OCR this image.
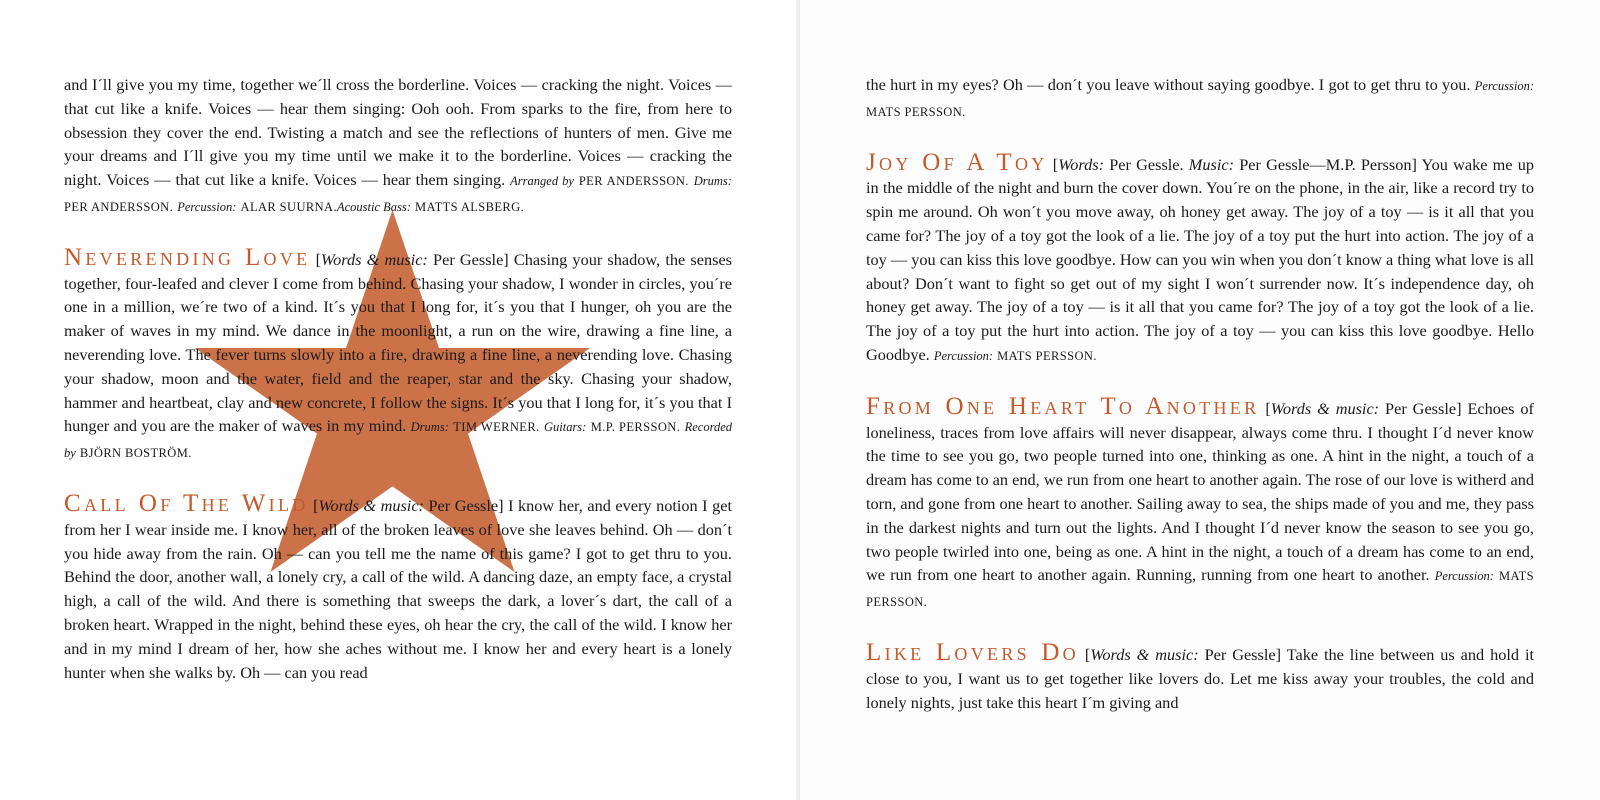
and I´ll give you my time, together we´ll cross the borderline. Voices — cracking the night. Voices — that cut like a knife. Voices — hear them singing: Ooh ooh. From sparks to the fire, from here to obsession they cover the end. Twisting a match and see the reflections of hunters of men. Give me your dreams and I´ll give you my time until we make it to the borderline. Voices — cracking the night. Voices — that cut like a knife. Voices — hear them singing. Arranged by PER ANDERSSON. Drums: PER ANDERSSON. Percussion: ALAR SUURNA.Acoustic Bass: MATTS ALSBERG.

Neverending Love [Words & music: Per Gessle] Chasing your shadow, the senses together, four-leafed and clever I come from behind. Chasing your shadow, I wonder in circles, you´re one in a million, we´re two of a kind. It´s you that I long for, it´s you that I hunger, oh you are the maker of waves in my mind. We dance in the moonlight, a run on the wire, drawing a fine line, a neverending love. The fever turns slowly into a fire, drawing a fine line, a neverending love. Chasing your shadow, moon and the water, field and the reaper, star and the sky. Chasing your shadow, hammer and heartbeat, clay and new concrete, I follow the signs. It´s you that I long for, it´s you that I hunger and you are the maker of waves in my mind. Drums: TIM WERNER. Guitars: M.P. PERSSON. Recorded by BJÖRN BOSTRÖM.

Call Of The Wild [Words & music: Per Gessle] I know her, and every notion I get from her I wear inside me. I know her, all of the broken leaves of love she leaves behind. Oh — don´t you hide away from the rain. Oh — can you tell me the name of this game? I got to get thru to you. Behind the door, another wall, a lonely cry, a call of the wild. A dancing daze, an empty face, a crystal high, a call of the wild. And there is something that sweeps the dark, a lover´s dart, the call of a broken heart. Wrapped in the night, behind these eyes, oh hear the cry, the call of the wild. I know her and in my mind I dream of her, how she aches without me. I know her and every heart is a lonely hunter when she walks by. Oh — can you read

the hurt in my eyes? Oh — don´t you leave without saying goodbye. I got to get thru to you. Percussion: MATS PERSSON.

Joy Of A Toy [Words: Per Gessle. Music: Per Gessle—M.P. Persson] You wake me up in the middle of the night and burn the cover down. You´re on the phone, in the air, like a record try to spin me around. Oh won´t you move away, oh honey get away. The joy of a toy — is it all that you came for? The joy of a toy got the look of a lie. The joy of a toy put the hurt into action. The joy of a toy — you can kiss this love goodbye. How can you win when you don´t know a thing what love is all about? Don´t want to fight so get out of my sight I won´t surrender now. It´s independence day, oh honey get away. The joy of a toy — is it all that you came for? The joy of a toy got the look of a lie. The joy of a toy put the hurt into action. The joy of a toy — you can kiss this love goodbye. Hello Goodbye. Percussion: MATS PERSSON.

From One Heart To Another [Words & music: Per Gessle] Echoes of loneliness, traces from love affairs will never disappear, always come thru. I thought I´d never know the time to see you go, two people turned into one, thinking as one. A hint in the night, a touch of a dream has come to an end, we run from one heart to another again. The rose of our love is witherd and torn, and gone from one heart to another. Sailing away to sea, the ships made of you and me, they pass in the darkest nights and turn out the lights. And I thought I´d never know the season to see you go, two people twirled into one, being as one. A hint in the night, a touch of a dream has come to an end, we run from one heart to another again. Running, running from one heart to another. Percussion: MATS PERSSON.

Like Lovers Do [Words & music: Per Gessle] Take the line between us and hold it close to you, I want us to get together like lovers do. Let me kiss away your troubles, the cold and lonely nights, just take this heart I´m giving and
